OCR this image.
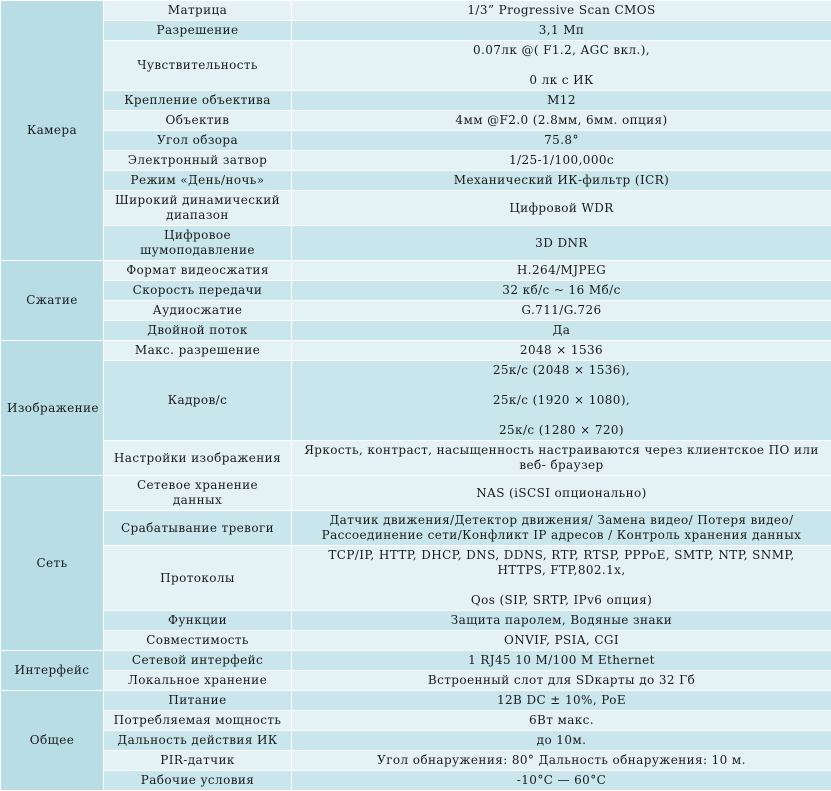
Камера	Матрица	1/3” Progressive Scan CMOS

	Разрешение	3,1 Мп

	Чувствительность	0.07лк @( F1.2, AGC вкл.),
0 лк с ИК

	Крепление объектива	M12

	Объектив	4мм @F2.0 (2.8мм, 6мм. опция)

	Угол обзора	75.8°

	Электронный затвор	1/25-1/100,000с

	Режим «День/ночь»	Механический ИК-фильтр (ICR)

	Широкий динамический
диапазон	Цифровой WDR

	Цифровое
шумоподавление	3D DNR

Сжатие	Формат видеосжатия	H.264/MJPEG

	Скорость передачи	32 кб/с ~ 16 Мб/с

	Аудиосжатие	G.711/G.726

	Двойной поток	Да

Изображение	Макс. разрешение	2048 × 1536

	Кадров/с	25к/с (2048 × 1536),
25к/с (1920 × 1080),
25к/с (1280 × 720)

	Настройки изображения	Яркость, контраст, насыщенность настраиваются через клиентское ПО или
веб- браузер

Сеть	Сетевое хранение
данных	NAS (iSCSI опционально)

	Срабатывание тревоги	Датчик движения/Детектор движения/ Замена видео/ Потеря видео/
Рассоединение сети/Конфликт IP адресов / Контроль хранения данных

	Протоколы	TCP/IP, HTTP, DHCP, DNS, DDNS, RTP, RTSP, PPPoE, SMTP, NTP, SNMP,
HTTPS, FTP,802.1x,
Qos (SIP, SRTP, IPv6 опция)

	Функции	Защита паролем, Водяные знаки

	Совместимость	ONVIF, PSIA, CGI

Интерфейс	Сетевой интерфейс	1 RJ45 10 M/100 M Ethernet

	Локальное хранение	Встроенный слот для SDкарты до 32 Гб

Общее	Питание	12В DC ± 10%, PoE

	Потребляемая мощность	6Вт макс.

	Дальность действия ИК	до 10м.

	PIR-датчик	Угол обнаружения: 80° Дальность обнаружения: 10 м.

	Рабочие условия	-10°C — 60°C
